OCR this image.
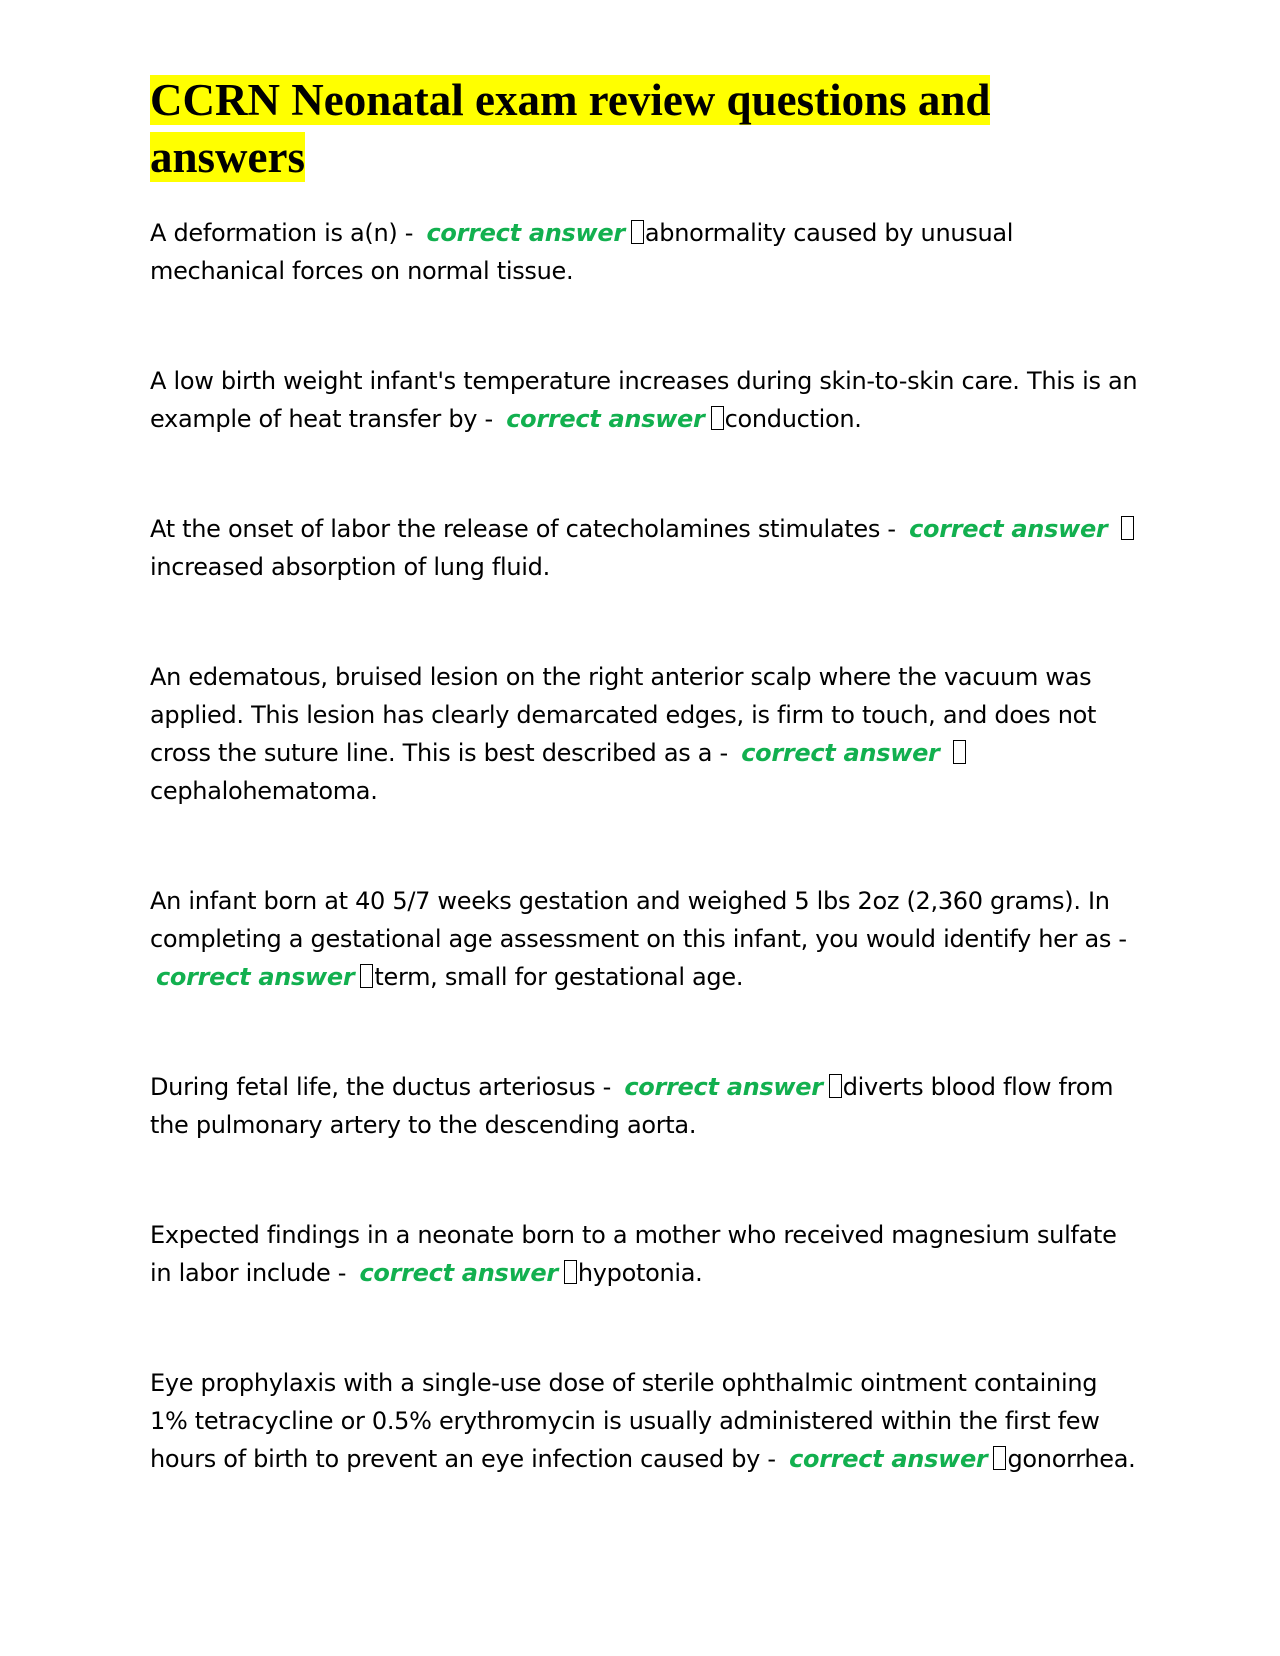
CCRN Neonatal exam review questions and answers

A deformation is a(n) - correct answer abnormality caused by unusual mechanical forces on normal tissue.

A low birth weight infant's temperature increases during skin-to-skin care. This is an example of heat transfer by - correct answer conduction.

At the onset of labor the release of catecholamines stimulates - correct answer increased absorption of lung fluid.

An edematous, bruised lesion on the right anterior scalp where the vacuum was applied. This lesion has clearly demarcated edges, is firm to touch, and does not cross the suture line. This is best described as a - correct answer cephalohematoma.

An infant born at 40 5/7 weeks gestation and weighed 5 lbs 2oz (2,360 grams). In completing a gestational age assessment on this infant, you would identify her as - correct answer term, small for gestational age.

During fetal life, the ductus arteriosus - correct answer diverts blood flow from the pulmonary artery to the descending aorta.

Expected findings in a neonate born to a mother who received magnesium sulfate in labor include - correct answer hypotonia.

Eye prophylaxis with a single-use dose of sterile ophthalmic ointment containing 1% tetracycline or 0.5% erythromycin is usually administered within the first few hours of birth to prevent an eye infection caused by - correct answer gonorrhea.
